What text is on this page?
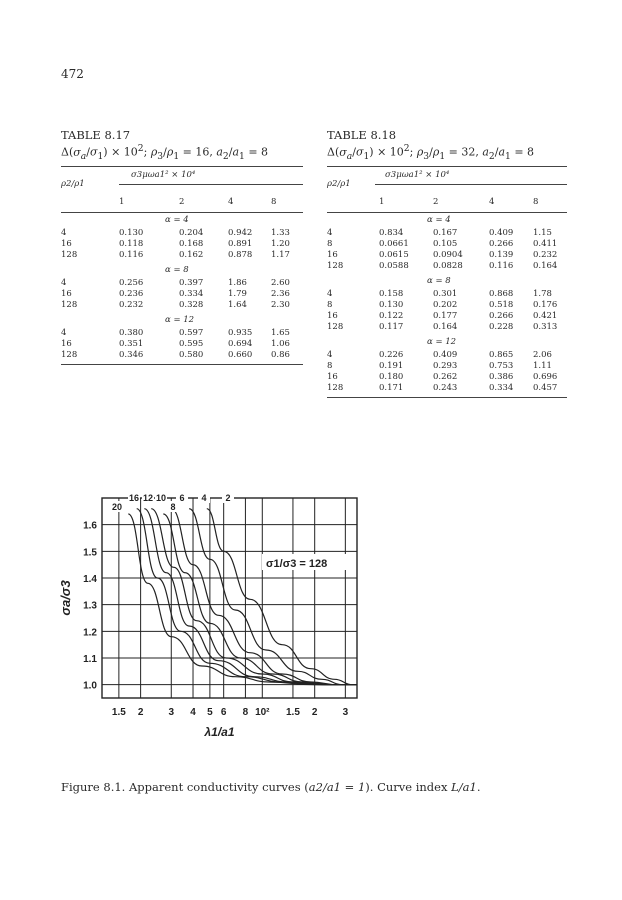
472
TABLE 8.17
$\Delta(\sigma_a/\sigma_1) \times 10^2$; $\rho_3/\rho_1 = 16$, $a_2/a_1 = 8$
ρ2/ρ1
σ3μωa1² × 10⁴
1	2	4	8
α = 4
4	0.130	0.204	0.942 1.33
16	0.118	0.168	0.891 1.20
128	0.116	0.162	0.878 1.17
α = 8
4	0.256	0.397	1.86	2.60
16	0.236	0.334	1.79	2.36
128	0.232	0.328	1.64	2.30
α = 12
4	0.380	0.597	0.935 1.65
16	0.351	0.595	0.694 1.06
128	0.346	0.580	0.660 0.86
TABLE 8.18
$\Delta(\sigma_a/\sigma_1) \times 10^2$; $\rho_3/\rho_1 = 32$, $a_2/a_1 = 8$
ρ2/ρ1
σ3μωa1² × 10⁴
1	2	4	8
α = 4
4	0.834	0.167	0.409 1.15
8	0.0661	0.105	0.266 0.411
16	0.0615	0.0904	0.139 0.232
128	0.0588	0.0828	0.116 0.164
α = 8
4	0.158	0.301	0.868 1.78
8	0.130	0.202	0.518 0.176
16	0.122	0.177	0.266 0.421
128	0.117	0.164	0.228 0.313
α = 12
4	0.226	0.409	0.865 2.06
8	0.191	0.293	0.753 1.11
16	0.180	0.262	0.386 0.696
128	0.171	0.243	0.334 0.457
1.0
1.1
1.2
1.3
1.4
1.5
1.6
1.5 2	3 4 5 6 8 10² 1.5 2	3
20
16 12 10 6
8
4 2
σ1/σ3 = 128
σa/σ3
λ1/a1
Figure 8.1. Apparent conductivity curves (a2/a1 = 1). Curve index L/a1.
